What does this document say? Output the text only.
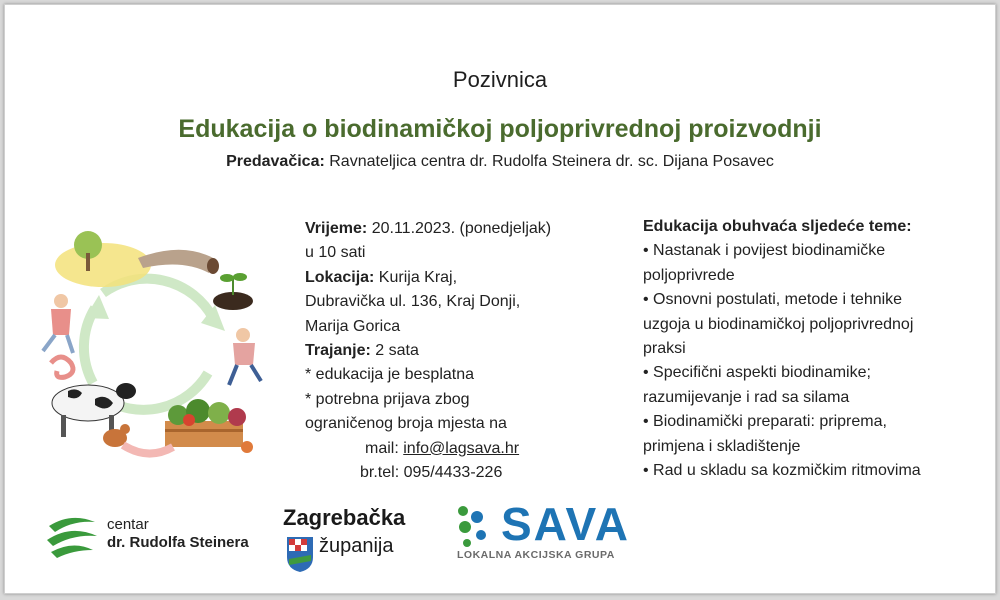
Pozivnica
Edukacija o biodinamičkoj poljoprivrednoj proizvodnji
Predavačica: Ravnateljica centra dr. Rudolfa Steinera dr. sc. Dijana Posavec
Vrijeme: 20.11.2023. (ponedjeljak)
u 10 sati
Lokacija: Kurija Kraj,
Dubravička ul. 136, Kraj Donji,
Marija Gorica
Trajanje: 2 sata
* edukacija je besplatna
* potrebna prijava zbog
ograničenog broja mjesta na
mail: info@lagsava.hr
br.tel: 095/4433-226
Edukacija obuhvaća sljedeće teme:
• Nastanak i povijest biodinamičke
poljoprivrede
• Osnovni postulati, metode i tehnike
uzgoja u biodinamičkoj poljoprivrednoj
praksi
• Specifični aspekti biodinamike;
razumijevanje i rad sa silama
• Biodinamički preparati: priprema,
primjena i skladištenje
• Rad u skladu sa kozmičkim ritmovima
centar
dr. Rudolfa Steinera
Zagrebačka
županija SAVA
LOKALNA AKCIJSKA GRUPA
